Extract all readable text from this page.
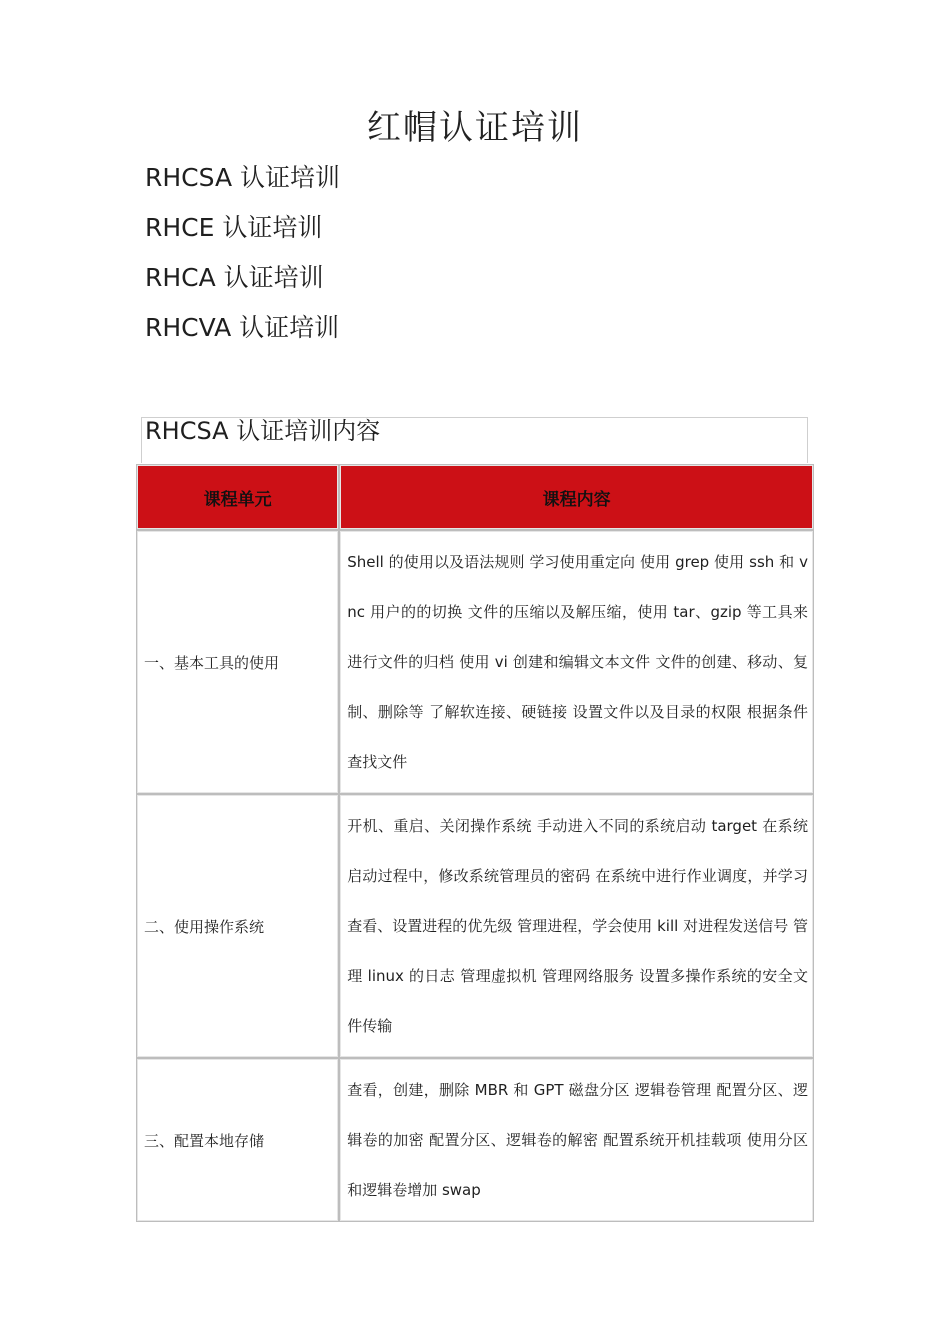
红帽认证培训
RHCSA 认证培训
RHCE 认证培训
RHCA 认证培训
RHCVA 认证培训
RHCSA 认证培训内容
课程单元	课程内容
一、基本工具的使用	Shell 的使用以及语法规则 学习使用重定向 使用 grep 使用 ssh 和 vnc 用户的的切换 文件的压缩以及解压缩，使用 tar、gzip 等工具来进行文件的归档 使用 vi 创建和编辑文本文件 文件的创建、移动、复制、删除等 了解软连接、硬链接 设置文件以及目录的权限 根据条件查找文件
二、使用操作系统	开机、重启、关闭操作系统 手动进入不同的系统启动 target 在系统启动过程中，修改系统管理员的密码 在系统中进行作业调度，并学习查看、设置进程的优先级 管理进程，学会使用 kill 对进程发送信号 管理 linux 的日志 管理虚拟机 管理网络服务 设置多操作系统的安全文件传输
三、配置本地存储	查看，创建，删除 MBR 和 GPT 磁盘分区 逻辑卷管理 配置分区、逻辑卷的加密 配置分区、逻辑卷的解密 配置系统开机挂载项 使用分区和逻辑卷增加 swap
